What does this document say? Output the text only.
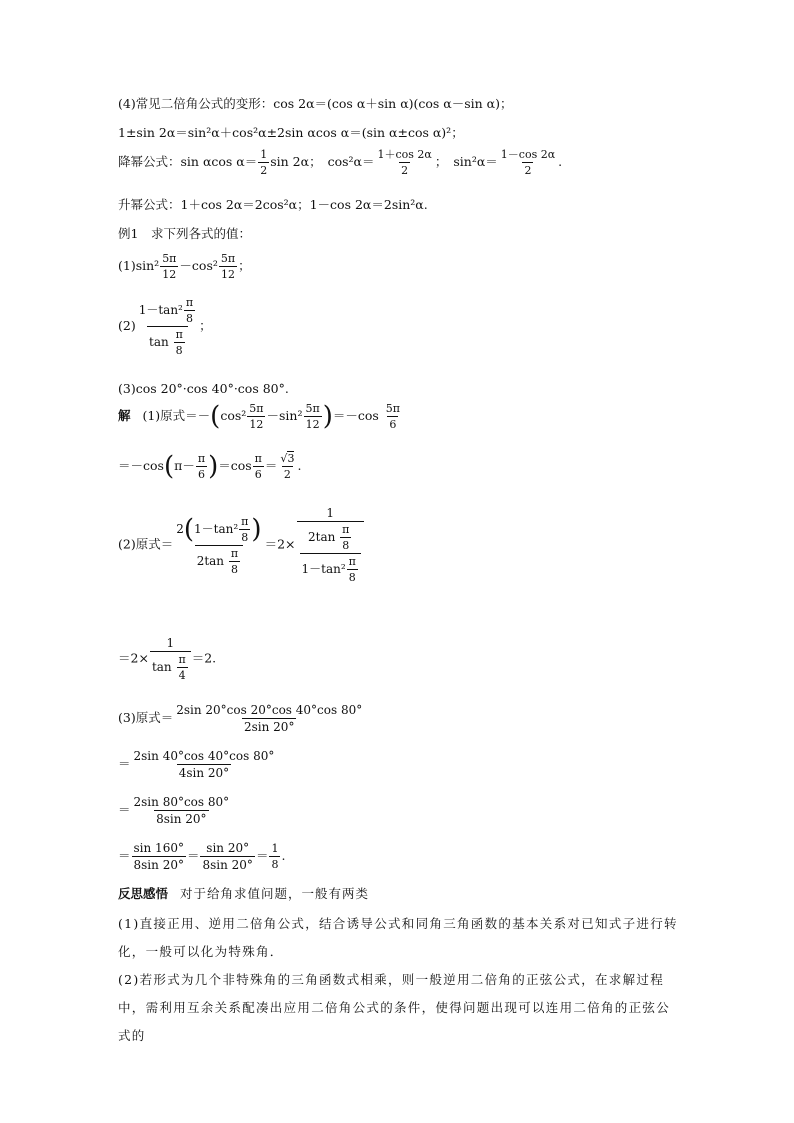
(4)常见二倍角公式的变形：cos 2α＝(cos α＋sin α)(cos α－sin α)；
1±sin 2α＝sin²α＋cos²α±2sin αcos α＝(sin α±cos α)²；
降幂公式：sin αcos $\alpha= \frac{1}{2}$ sin 2α； $\cos^2\alpha= \frac{1+\cos 2\alpha}{2}$ ； $\sin^2\alpha= \frac{1-\cos 2\alpha}{2}$ .
升幂公式：1＋cos 2α＝2cos²α；1－cos 2α＝2sin²α.
例1　求下列各式的值：
$(1)\sin^2 \frac{5\pi}{12} -\cos^2 \frac{5\pi}{12}$ ；
$(2) \frac{1-\tan^2 \frac{\pi}{8}}{\tan \frac{\pi}{8}}$ ；
(3)cos 20°·cos 40°·cos 80°.
解 (1)原式$=-(\cos^2 \frac{5\pi}{12} -\sin^2 \frac{5\pi}{12} )=-\cos \frac{5\pi}{6}$
$=-\cos(\pi- \frac{\pi}{6} )=\cos \frac{\pi}{6} = \frac{√3}{2}$ .
(2)原式＝ $\frac{2(1-\tan^2 \frac{\pi}{8} )}{2\tan \frac{\pi}{8}} =2\times \frac{1}{\frac{2\tan \frac{\pi}{8}}{1-\tan^2 \frac{\pi}{8}}}$
$=2\times \frac{1}{\tan \frac{\pi}{4}} =2$.
(3)原式＝ $\frac{2\sin 20^\circ\cos 20^\circ\cos 40^\circ\cos 80^\circ}{2\sin 20^\circ}$
＝ $\frac{2\sin 40^\circ\cos 40^\circ\cos 80^\circ}{4\sin 20^\circ}$
＝ $\frac{2\sin 80^\circ\cos 80^\circ}{8\sin 20^\circ}$
＝ $\frac{\sin 160^\circ}{8\sin 20^\circ} = \frac{\sin 20^\circ}{8\sin 20^\circ} = \frac{1}{8}$ .
反思感悟 对于给角求值问题，一般有两类
(1)直接正用、逆用二倍角公式，结合诱导公式和同角三角函数的基本关系对已知式子进行转化，一般可以化为特殊角．
(2)若形式为几个非特殊角的三角函数式相乘，则一般逆用二倍角的正弦公式，在求解过程中，需利用互余关系配凑出应用二倍角公式的条件，使得问题出现可以连用二倍角的正弦公式的
